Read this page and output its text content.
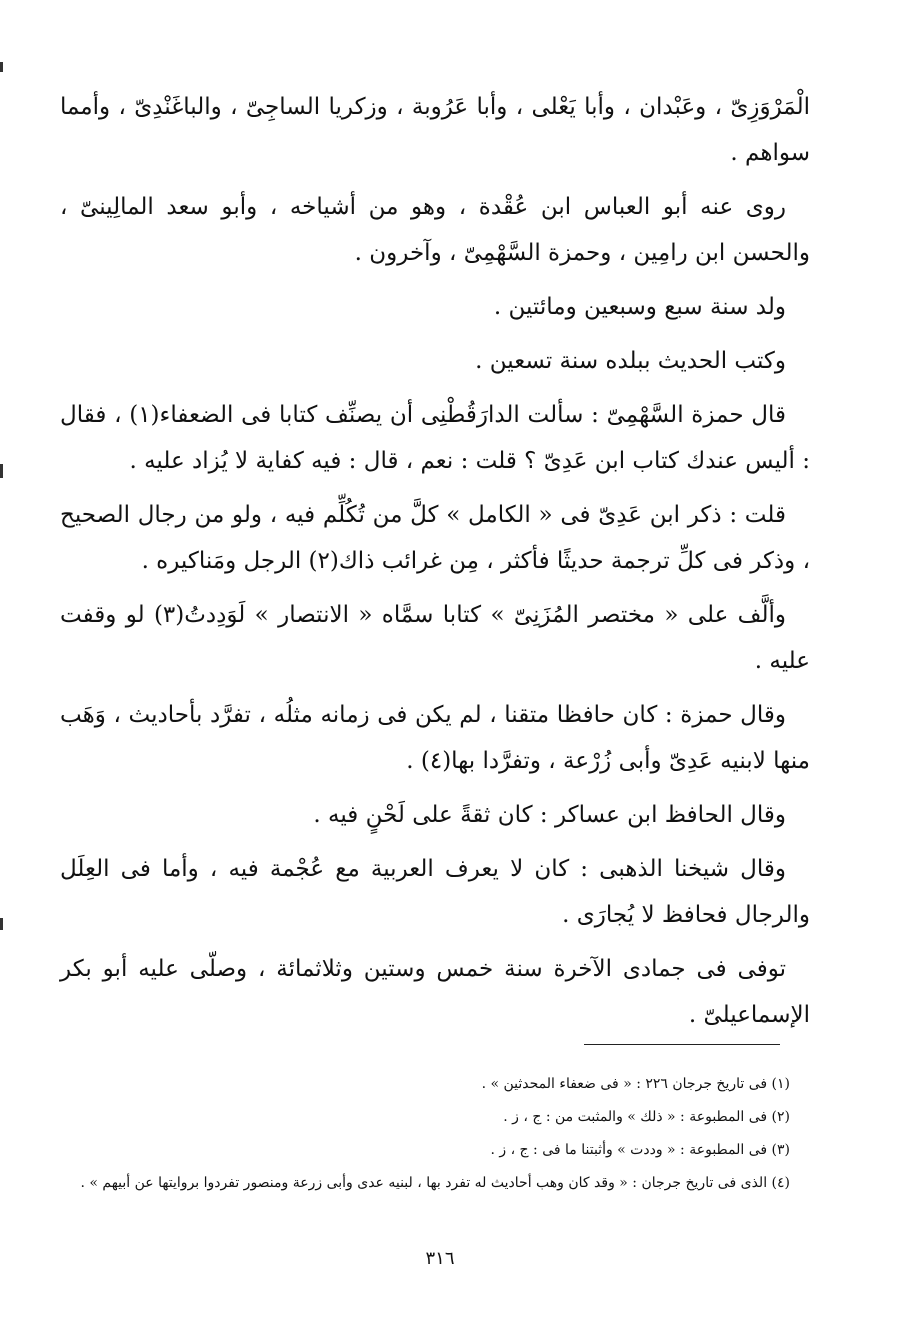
الْمَرْوَزِىّ ، وعَبْدان ، وأبا يَعْلى ، وأبا عَرُوبة ، وزكريا الساجِىّ ، والباغَنْدِىّ ، وأمما سواهم .

روى عنه أبو العباس ابن عُقْدة ، وهو من أشياخه ، وأبو سعد المالِينىّ ، والحسن ابن رامِين ، وحمزة السَّهْمِىّ ، وآخرون .

ولد سنة سبع وسبعين ومائتين .

وكتب الحديث ببلده سنة تسعين .

قال حمزة السَّهْمِىّ : سألت الدارَقُطْنِى أن يصنِّف كتابا فى الضعفاء(١) ، فقال : أليس عندك كتاب ابن عَدِىّ ؟ قلت : نعم ، قال : فيه كفاية لا يُزاد عليه .

قلت : ذكر ابن عَدِىّ فى « الكامل » كلَّ من تُكُلِّم فيه ، ولو من رجال الصحيح ، وذكر فى كلِّ ترجمة حديثًا فأكثر ، مِن غرائب ذاك(٢) الرجل ومَناكيره .

وألَّف على « مختصر المُزَنِىّ » كتابا سمَّاه « الانتصار » لَوَدِدتُ(٣) لو وقفت عليه .

وقال حمزة : كان حافظا متقنا ، لم يكن فى زمانه مثلُه ، تفرَّد بأحاديث ، وَهَب منها لابنيه عَدِىّ وأبى زُرْعة ، وتفرَّدا بها(٤) .

وقال الحافظ ابن عساكر : كان ثقةً على لَحْنٍ فيه .

وقال شيخنا الذهبى : كان لا يعرف العربية مع عُجْمة فيه ، وأما فى العِلَل والرجال فحافظ لا يُجارَى .

توفى فى جمادى الآخرة سنة خمس وستين وثلاثمائة ، وصلّى عليه أبو بكر الإسماعيلىّ .

(١) فى تاريخ جرجان ٢٢٦ : « فى ضعفاء المحدثين » .

(٢) فى المطبوعة : « ذلك » والمثبت من : ج ، ز .

(٣) فى المطبوعة : « وددت » وأثبتنا ما فى : ج ، ز .

(٤) الذى فى تاريخ جرجان : « وقد كان وهب أحاديث له تفرد بها ، لبنيه عدى وأبى زرعة ومنصور تفردوا بروايتها عن أبيهم » .

٣١٦
